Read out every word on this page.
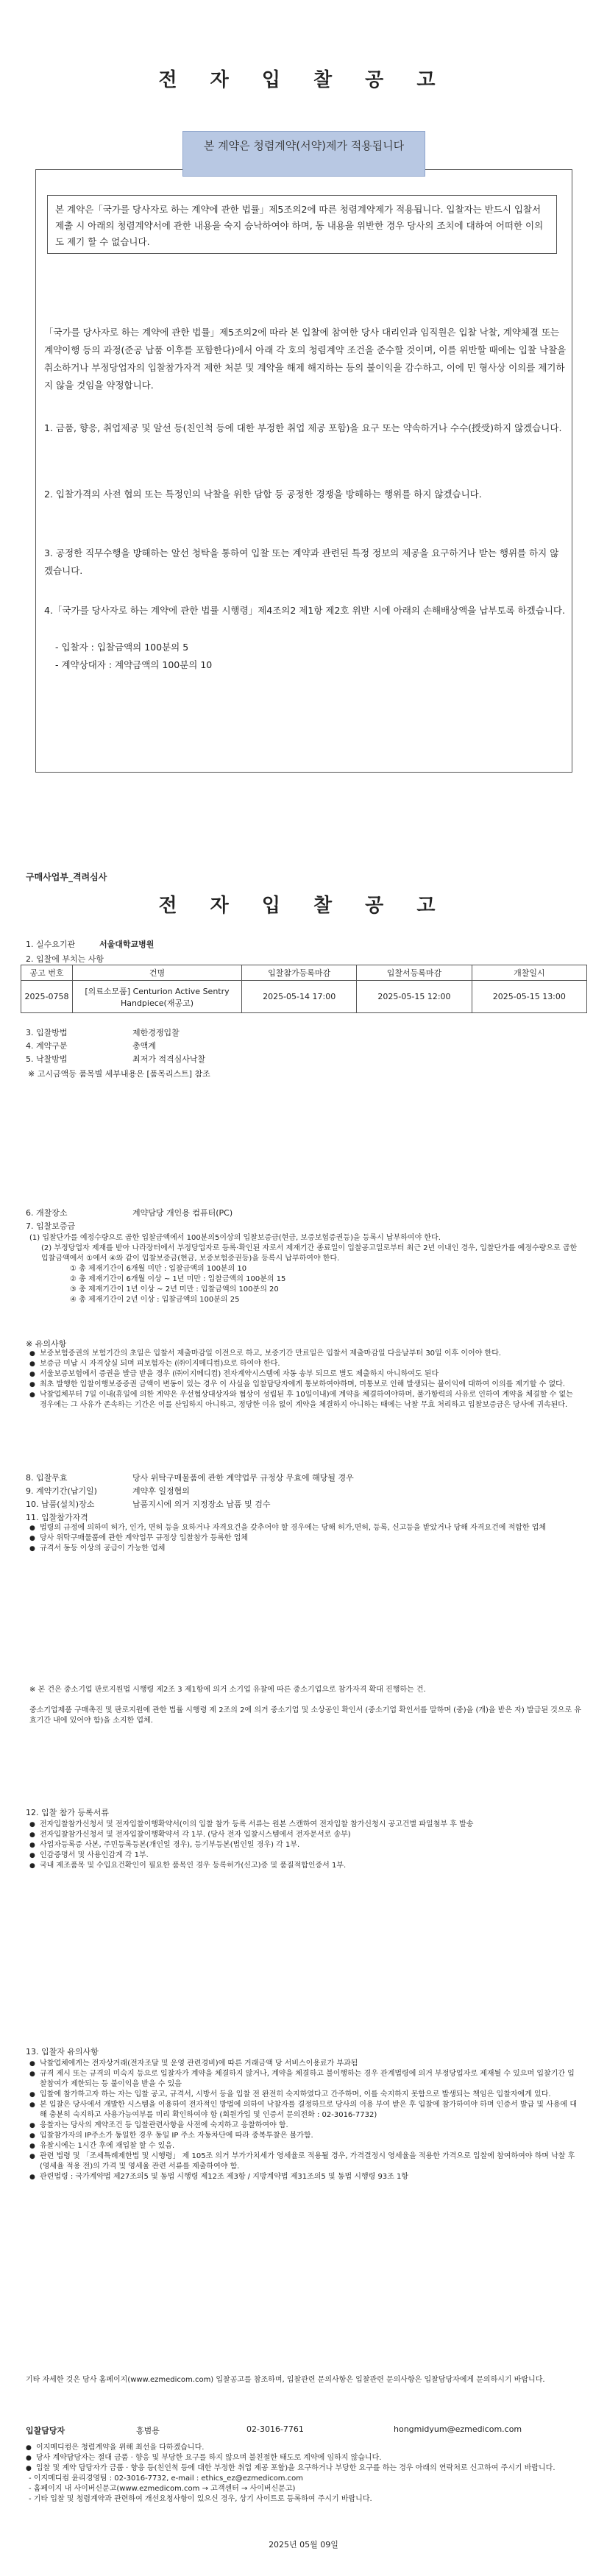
전 자 입 찰 공 고
본 계약은 청렴계약(서약)제가 적용됩니다
본 계약은「국가를 당사자로 하는 계약에 관한 법률」제5조의2에 따른 청렴계약제가 적용됩니다. 입찰자는 반드시 입찰서 제출 시 아래의 청렴계약서에 관한 내용을 숙지 승낙하여야 하며, 동 내용을 위반한 경우 당사의 조치에 대하여 어떠한 이의도 제기 할 수 없습니다.
「국가를 당사자로 하는 계약에 관한 법률」제5조의2에 따라 본 입찰에 참여한 당사 대리인과 임직원은 입찰 낙찰, 계약체결 또는 계약이행 등의 과정(준공 납품 이후를 포함한다)에서 아래 각 호의 청렴계약 조건을 준수할 것이며, 이를 위반할 때에는 입찰 낙찰을 취소하거나 부정당업자의 입찰참가자격 제한 처분 및 계약을 해제 해지하는 등의 불이익을 감수하고, 이에 민 형사상 이의를 제기하지 않을 것임을 약정합니다.
1. 금품, 향응, 취업제공 및 알선 등(친인척 등에 대한 부정한 취업 제공 포함)을 요구 또는 약속하거나 수수(授受)하지 않겠습니다.
2. 입찰가격의 사전 협의 또는 특정인의 낙찰을 위한 담합 등 공정한 경쟁을 방해하는 행위를 하지 않겠습니다.
3. 공정한 직무수행을 방해하는 알선 청탁을 통하여 입찰 또는 계약과 관련된 특정 정보의 제공을 요구하거나 받는 행위를 하지 않겠습니다.
4.「국가를 당사자로 하는 계약에 관한 법률 시행령」제4조의2 제1항 제2호 위반 시에 아래의 손해배상액을 납부토록 하겠습니다.
- 입찰자 : 입찰금액의 100분의 5
- 계약상대자 : 계약금액의 100분의 10
구매사업부_격려심사
전 자 입 찰 공 고
1. 실수요기관	서울대학교병원
2. 입찰에 부치는 사항
공고 번호	건명	입찰참가등록마감	입찰서등록마감	개찰일시
2025-0758	[의료소모품] Centurion Active Sentry Handpiece(재공고)	2025-05-14 17:00	2025-05-15 12:00	2025-05-15 13:00
3. 입찰방법	제한경쟁입찰
4. 계약구분	총액계
5. 낙찰방법	최저가 적격심사낙찰
※ 고시금액등 품목별 세부내용은 [품목리스트] 참조
6. 개찰장소	계약담당 개인용 컴퓨터(PC)
7. 입찰보증금
(1) 입찰단가를 예정수량으로 곱한 입찰금액에서 100분의5이상의 입찰보증금(현금, 보증보험증권등)을 등록시 납부하여야 한다.
(2) 부정당업자 제재를 받아 나라장터에서 부정당업자로 등록·확인된 자로서 제재기간 종료일이 입찰공고일로부터 최근 2년 이내인 경우, 입찰단가를 예정수량으로 곱한 입찰금액에서 ①에서 ④와 같이 입찰보증금(현금, 보증보험증권등)을 등록시 납부하여야 한다.
① 총 제재기간이 6개월 미만 : 입찰금액의 100분의 10
② 총 제재기간이 6개월 이상 ~ 1년 미만 : 입찰금액의 100분의 15
③ 총 제재기간이 1년 이상 ~ 2년 미만 : 입찰금액의 100분의 20
④ 총 제재기간이 2년 이상 : 입찰금액의 100분의 25
※ 유의사항
● 보증보험증권의 보험기간의 초일은 입찰서 제출마감일 이전으로 하고, 보증기간 만료일은 입찰서 제출마감일 다음날부터 30일 이후 이어야 한다.
● 보증금 미납 시 자격상실 되며 피보험자는 (㈜이지메디컴)으로 하여야 한다.
● 서울보증보험에서 증권을 발급 받을 경우 (㈜이지메디컴) 전자계약시스템에 자동 송부 되므로 별도 제출하지 아니하여도 된다
● 최초 발행한 입찰이행보증증권 금액이 변동이 있는 경우 이 사실을 입찰담당자에게 통보하여야하며, 미통보로 인해 발생되는 불이익에 대하여 이의를 제기할 수 없다.
● 낙찰업체부터 7일 이내(휴일에 의한 계약은 우선협상대상자와 협상이 성립된 후 10일이내)에 계약을 체결하여야하며, 불가항력의 사유로 인하여 계약을 체결할 수 없는 경우에는 그 사유가 존속하는 기간은 이를 산입하지 아니하고, 정당한 이유 없이 계약을 체결하지 아니하는 때에는 낙찰 무효 처리하고 입찰보증금은 당사에 귀속된다.
8. 입찰무효	당사 위탁구매물품에 관한 계약업무 규정상 무효에 해당될 경우
9. 계약기간(납기일)	계약후 일정협의
10. 납품(설치)장소	납품지시에 의거 지정장소 납품 및 검수
11. 입찰참가자격
● 법령의 규정에 의하여 허가, 인가, 면허 등을 요하거나 자격요건을 갖추어야 할 경우에는 당해 허가,면허, 등록, 신고등을 받았거나 당해 자격요건에 적합한 업체
● 당사 위탁구매물품에 관한 계약업무 규정상 입찰참가 등록한 업체
● 규격서 동등 이상의 공급이 가능한 업체
※ 본 건은 중소기업 판로지원법 시행령 제2조 3 제1항에 의거 소기업 유찰에 따른 중소기업으로 참가자격 확대 진행하는 건.
중소기업제품 구매촉진 및 판로지원에 관한 법률 시행령 제 2조의 2에 의거 중소기업 및 소상공인 확인서 (중소기업 확인서를 말하며 (중)을 (개)을 받은 자) 발급된 것으로 유효기간 내에 있어야 함)을 소지한 업체.
12. 입찰 참가 등록서류
● 전자입찰참가신청서 및 전자입찰이행확약서(이의 입찰 참가 등록 서류는 원본 스캔하여 전자입찰 참가신청시 공고건별 파일첨부 후 발송
● 전자입찰참가신청서 및 전자입찰이행확약서 각 1부. (당사 전자 입찰시스템에서 전자문서로 송부)
● 사업자등록증 사본, 주민등록등본(개인일 경우), 등기부등본(법인일 경우) 각 1부.
● 인감증명서 및 사용인감계 각 1부.
● 국내 제조품목 및 수입요건확인이 필요한 품목인 경우 등록허가(신고)증 및 품질적합인증서 1부.
13. 입찰자 유의사항
● 낙찰업체에게는 전자상거래(전자조달 및 운영 관련경비)에 따른 거래금액 당 서비스이용료가 부과됨
● 규격 제시 또는 규격의 미숙지 등으로 입찰자가 계약을 체결하지 않거나, 계약을 체결하고 불이행하는 경우 관계법령에 의거 부정당업자로 제재될 수 있으며 입찰기간 입찰참여가 제한되는 등 불이익을 받을 수 있음
● 입찰에 참가하고자 하는 자는 입찰 공고, 규격서, 시방서 등을 입찰 전 완전히 숙지하였다고 간주하며, 이를 숙지하지 못함으로 발생되는 책임은 입찰자에게 있다.
● 본 입찰은 당사에서 개발한 시스템을 이용하여 전자적인 방법에 의하여 낙찰자를 결정하므로 당사의 이용 부여 받은 후 입찰에 참가하여야 하며 인증서 발급 및 사용에 대해 충분히 숙지하고 사용가능여부를 미리 확인하여야 함 (회원가입 및 인증서 문의전화 : 02-3016-7732)
● 응찰자는 당사의 계약조건 등 입찰관련사항을 사전에 숙지하고 응찰하여야 함.
● 입찰참가자의 IP주소가 동일한 경우 동일 IP 주소 자동차단에 따라 중복투찰은 불가함.
● 유찰시에는 1시간 후에 재입찰 할 수 있음.
● 관련 법령 및 「조세특례제한법 및 시행령」 제 105조 의거 부가가치세가 영세율로 적용될 경우, 가격결정시 영세율을 적용한 가격으로 입찰에 참여하여야 하며 낙찰 후 (영세율 적용 전)의 가격 및 영세율 관련 서류를 제출하여야 함.
● 관련법령 : 국가계약법 제27조의5 및 동법 시행령 제12조 제3항 / 지방계약법 제31조의5 및 동법 시행령 93조 1항
기타 자세한 것은 당사 홈페이지(www.ezmedicom.com) 입찰공고를 참조하며, 입찰관련 문의사항은 입찰관련 문의사항은 입찰담당자에게 문의하시기 바랍니다.
입찰담당자	홍범용	02-3016-7761	hongmidyum@ezmedicom.com
● 이지메디컴은 청렴계약을 위해 최선을 다하겠습니다.
● 당사 계약담당자는 절대 금품 · 향응 및 부당한 요구를 하지 않으며 불친절한 태도로 계약에 임하지 않습니다.
● 입찰 및 계약 담당자가 금품 · 향응 등(친인척 등에 대한 부정한 취업 제공 포함)을 요구하거나 부당한 요구를 하는 경우 아래의 연락처로 신고하여 주시기 바랍니다.
- 이지메디컴 윤리경영팀 : 02-3016-7732, e-mail : ethics_ez@ezmedicom.com
- 홈페이지 내 사이버신문고(www.ezmedicom.com → 고객센터 → 사이버신문고)
- 기타 입찰 및 청렴계약과 관련하여 개선요청사항이 있으신 경우, 상기 사이트로 등록하여 주시기 바랍니다.
2025년 05월 09일
